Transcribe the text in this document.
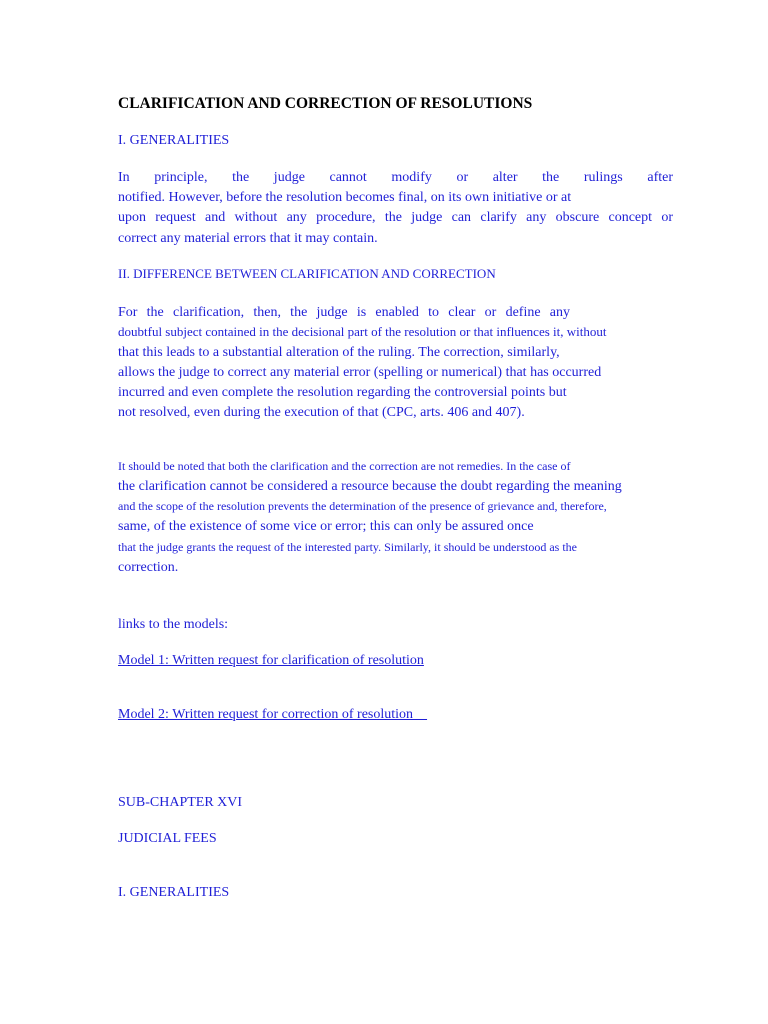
CLARIFICATION AND CORRECTION OF RESOLUTIONS
I. GENERALITIES
In principle, the judge cannot modify or alter the rulings after
notified. However, before the resolution becomes final, on its own initiative or at
upon request and without any procedure, the judge can clarify any obscure concept or
correct any material errors that it may contain.
II. DIFFERENCE BETWEEN CLARIFICATION AND CORRECTION
For the clarification, then, the judge is enabled to clear or define any
doubtful subject contained in the decisional part of the resolution or that influences it, without
that this leads to a substantial alteration of the ruling. The correction, similarly,
allows the judge to correct any material error (spelling or numerical) that has occurred
incurred and even complete the resolution regarding the controversial points but
not resolved, even during the execution of that (CPC, arts. 406 and 407).
It should be noted that both the clarification and the correction are not remedies. In the case of
the clarification cannot be considered a resource because the doubt regarding the meaning
and the scope of the resolution prevents the determination of the presence of grievance and, therefore,
same, of the existence of some vice or error; this can only be assured once
that the judge grants the request of the interested party. Similarly, it should be understood as the
correction.
links to the models:
Model 1: Written request for clarification of resolution
Model 2: Written request for correction of resolution
SUB-CHAPTER XVI
JUDICIAL FEES
I. GENERALITIES
